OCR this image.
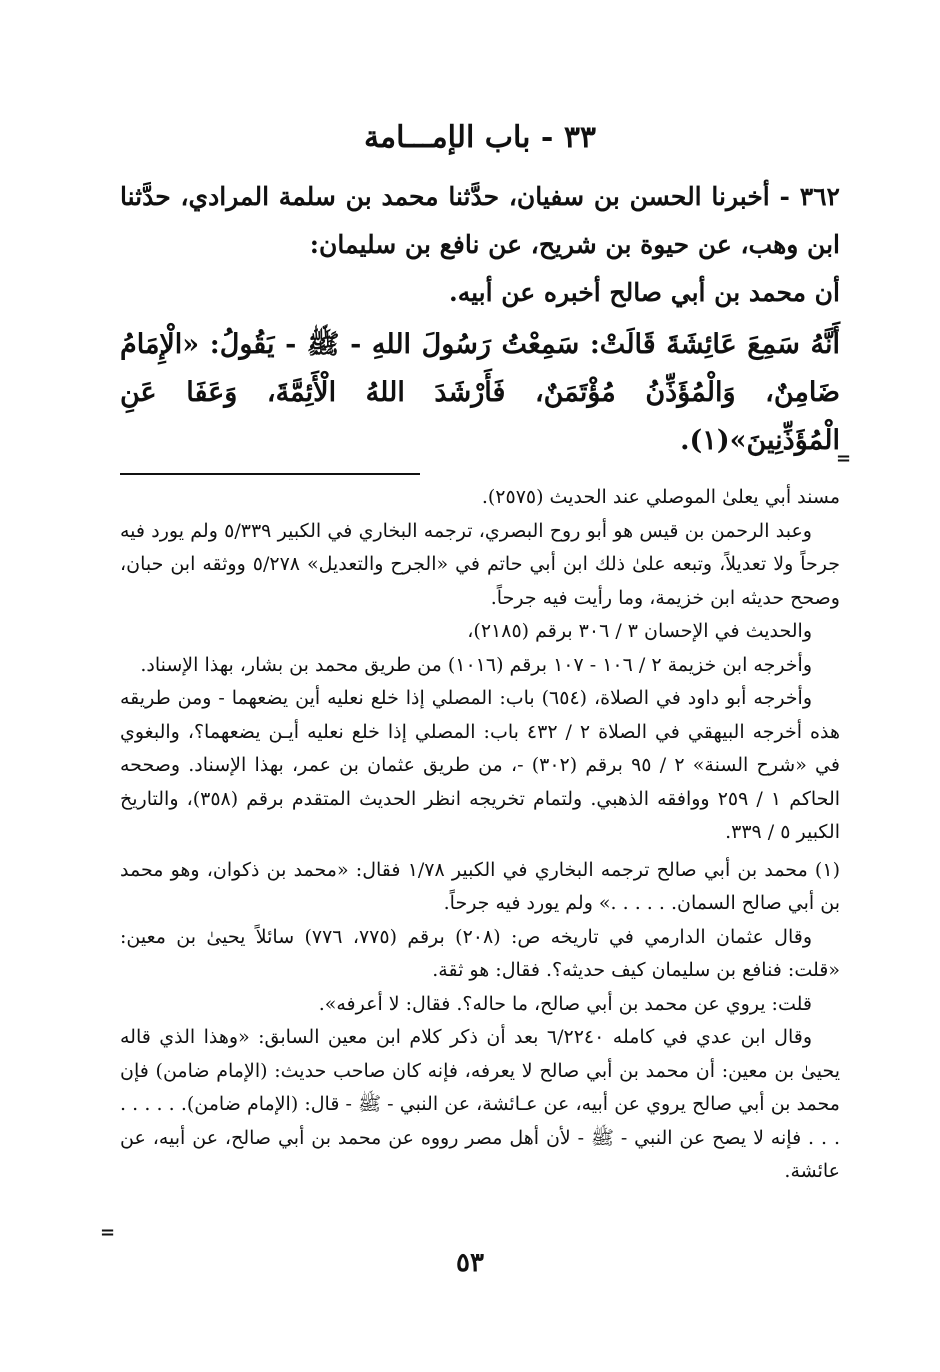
٣٣ - باب الإمـــامة
٣٦٢ - أخبرنا الحسن بن سفيان، حدَّثنا محمد بن سلمة المرادي، حدَّثنا ابن وهب، عن حيوة بن شريح، عن نافع بن سليمان:
أن محمد بن أبي صالح أخبره عن أبيه.
أَنَّهُ سَمِعَ عَائِشَةَ قَالَتْ: سَمِعْتُ رَسُولَ اللهِ - ﷺ - يَقُولُ: «الْإِمَامُ ضَامِنٌ، وَالْمُؤَذِّنُ مُؤْتَمَنٌ، فَأَرْشَدَ اللهُ الْأَئِمَّةَ، وَعَفَا عَنِ الْمُؤَذِّنِينَ»(١).

مسند أبي يعلىٰ الموصلي عند الحديث (٢٥٧٥).

وعبد الرحمن بن قيس هو أبو روح البصري، ترجمه البخاري في الكبير ٥/٣٣٩ ولم يورد فيه جرحاً ولا تعديلاً، وتبعه علىٰ ذلك ابن أبي حاتم في «الجرح والتعديل» ٥/٢٧٨ ووثقه ابن حبان، وصحح حديثه ابن خزيمة، وما رأيت فيه جرحاً.

والحديث في الإحسان ٣ / ٣٠٦ برقم (٢١٨٥)،

وأخرجه ابن خزيمة ٢ / ١٠٦ - ١٠٧ برقم (١٠١٦) من طريق محمد بن بشار، بهذا الإسناد.

وأخرجه أبو داود في الصلاة، (٦٥٤) باب: المصلي إذا خلع نعليه أين يضعهما - ومن طريقه هذه أخرجه البيهقي في الصلاة ٢ / ٤٣٢ باب: المصلي إذا خلع نعليه أيـن يضعهما؟، والبغوي في «شرح السنة» ٢ / ٩٥ برقم (٣٠٢) -، من طريق عثمان بن عمر، بهذا الإسناد. وصححه الحاكم ١ / ٢٥٩ ووافقه الذهبي. ولتمام تخريجه انظر الحديث المتقدم برقم (٣٥٨)، والتاريخ الكبير ٥ / ٣٣٩.

(١) محمد بن أبي صالح ترجمه البخاري في الكبير ١/٧٨ فقال: «محمد بن ذكوان، وهو محمد بن أبي صالح السمان. . . . . .» ولم يورد فيه جرحاً.

وقال عثمان الدارمي في تاريخه ص: (٢٠٨) برقم (٧٧٥، ٧٧٦) سائلاً يحيىٰ بن معين: «قلت: فنافع بن سليمان كيف حديثه؟. فقال: هو ثقة.

قلت: يروي عن محمد بن أبي صالح، ما حاله؟. فقال: لا أعرفه».

وقال ابن عدي في كامله ٦/٢٢٤٠ بعد أن ذكر كلام ابن معين السابق: «وهذا الذي قاله يحيىٰ بن معين: أن محمد بن أبي صالح لا يعرفه، فإنه كان صاحب حديث: (الإمام ضامن) فإن محمد بن أبي صالح يروي عن أبيه، عن عـائشة، عن النبي - ﷺ - قال: (الإمام ضامن). . . . . . . . . فإنه لا يصح عن النبي - ﷺ - لأن أهل مصر رووه عن محمد بن أبي صالح، عن أبيه، عن عائشة.

=
=
٥٣
